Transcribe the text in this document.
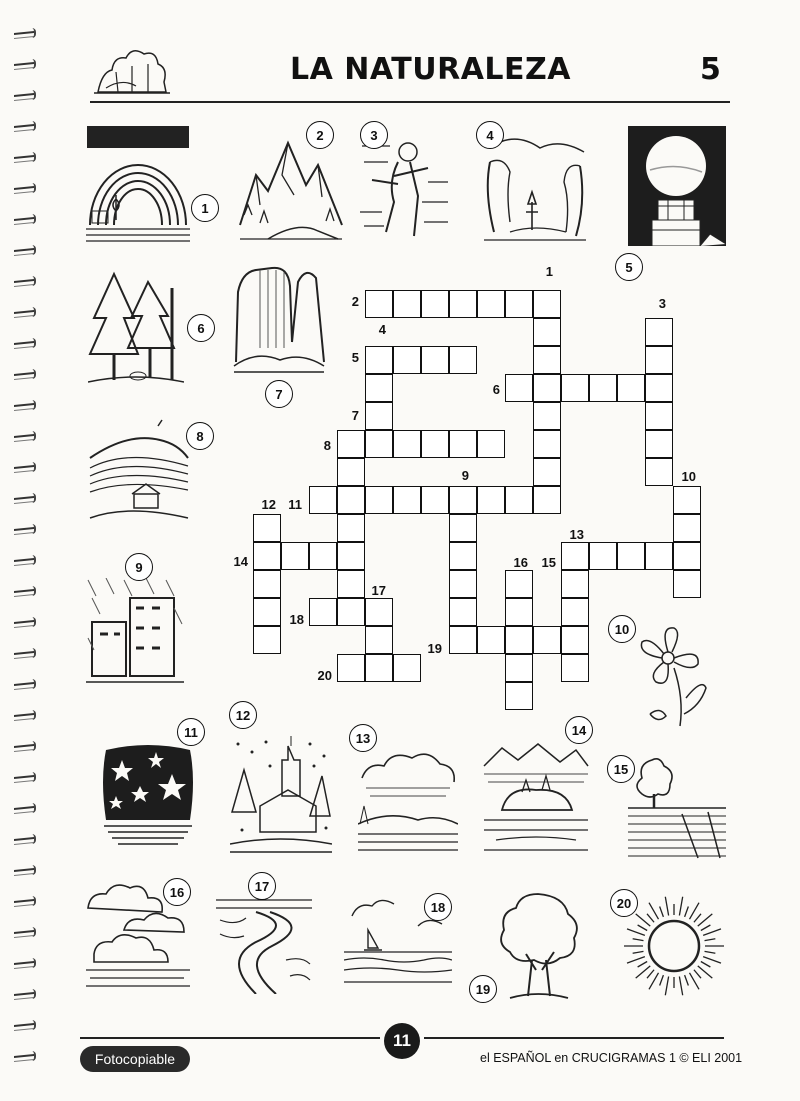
LA NATURALEZA	5
1
2	3	4
5
6
7
8
9
10
11
12
13
14
15
16	17
18
19
20
1
2	3
4
5
6
7
8
9	10
11
12
13
14	15
16
17
18
19
20
Fotocopiable
11
el ESPAÑOL en CRUCIGRAMAS 1 © ELI 2001
